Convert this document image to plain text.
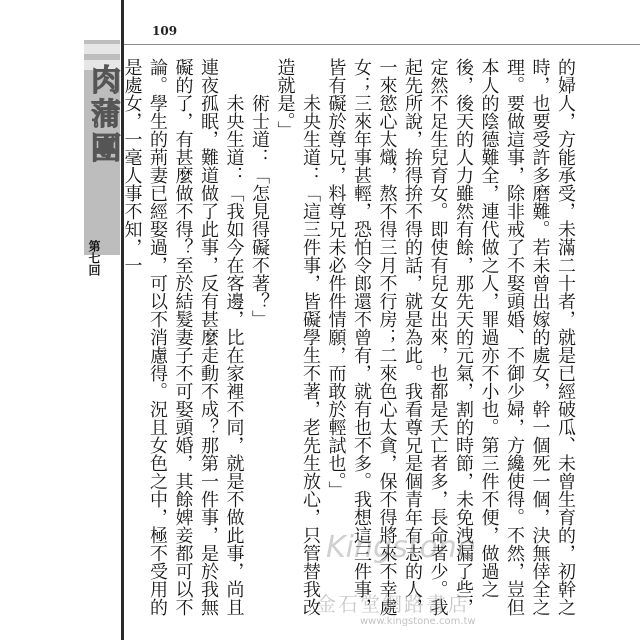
109
肉蒲團
第七回	的婦人，方能承受，未滿二十者，就是已經破瓜、未曾生育的，初幹之時，也要受許多磨難。若未曾出嫁的處女，幹一個死一個，決無倖全之理。要做這事，除非戒了不娶頭婚、不御少婦，方纔使得。不然，豈但本人的陰德難全，連代做之人，罪過亦不小也。第三件不便，做過之後，後天的人力雖然有餘，那先天的元氣，割的時節，未免洩漏了些，定然不足生兒育女。即使有兒女出來，也都是夭亡者多，長命者少。我起先所說，拚得拚不得的話，就是為此。我看尊兄是個青年有志的人，一來慾心太熾，熬不得三月不行房；二來色心太貪，保不得將來不幸處女；三來年事甚輕，恐怕令郎還不曾有，就有也不多。我想這三件事，皆有礙於尊兄，料尊兄未必件件情願，而敢於輕試也。」

未央生道：「這三件事，皆礙學生不著，老先生放心，只管替我改造就是。」

術士道：「怎見得礙不著？」

未央生道：「我如今在客邊，比在家裡不同，就是不做此事，尚且連夜孤眠，難道做了此事，反有甚麼走動不成？那第一件事，是於我無礙的了，有甚麼做不得？至於結髮妻子不可娶頭婚，其餘婢妾都可以不論。學生的荊妻已經娶過，可以不消慮得。況且女色之中，極不受用的是處女，一毫人事不知，一

Kingstone
金石堂網路書店
www.kingstone.com.tw
